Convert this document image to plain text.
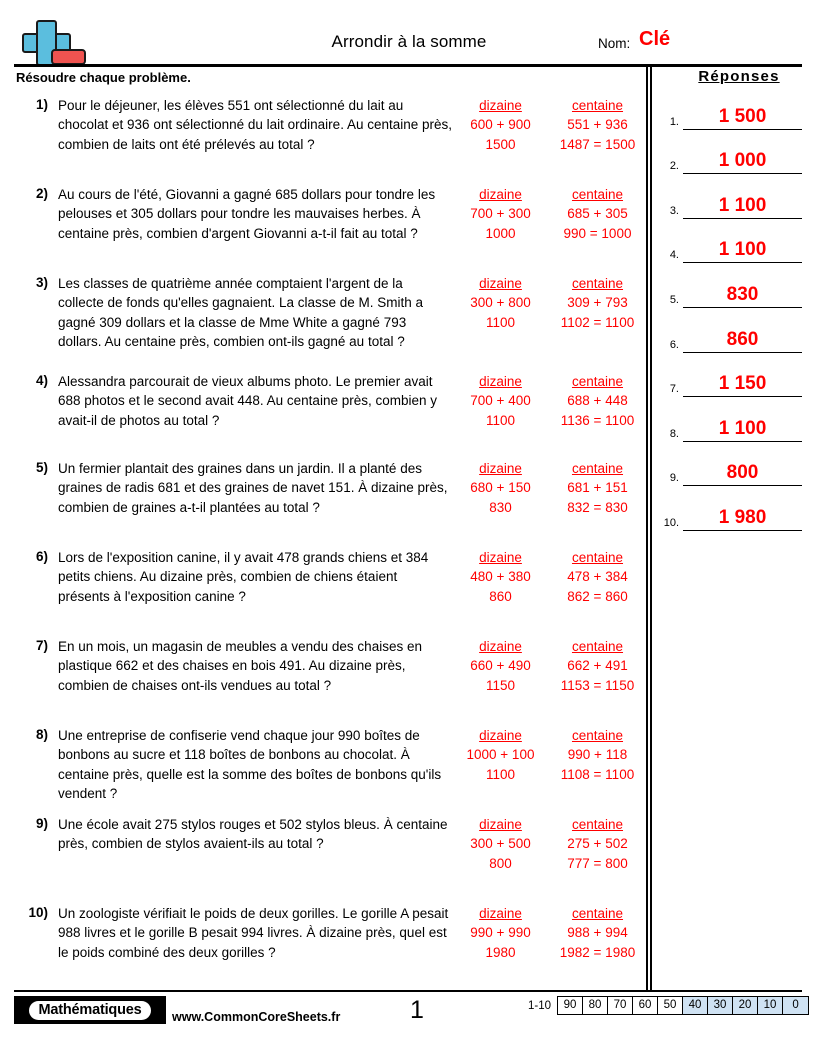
Arrondir à la somme	Nom: Clé
Résoudre chaque problème.
1) Pour le déjeuner, les élèves 551 ont sélectionné du lait au chocolat et 936 ont sélectionné du lait ordinaire. Au centaine près, combien de laits ont été prélevés au total ?
dizaine
600 + 900
1500
centaine
551 + 936
1487 = 1500
2) Au cours de l'été, Giovanni a gagné 685 dollars pour tondre les pelouses et 305 dollars pour tondre les mauvaises herbes. À centaine près, combien d'argent Giovanni a-t-il fait au total ?
dizaine
700 + 300
1000
centaine
685 + 305
990 = 1000
3) Les classes de quatrième année comptaient l'argent de la collecte de fonds qu'elles gagnaient. La classe de M. Smith a gagné 309 dollars et la classe de Mme White a gagné 793 dollars. Au centaine près, combien ont-ils gagné au total ?
dizaine
300 + 800
1100
centaine
309 + 793
1102 = 1100
4) Alessandra parcourait de vieux albums photo. Le premier avait 688 photos et le second avait 448. Au centaine près, combien y avait-il de photos au total ?
dizaine
700 + 400
1100
centaine
688 + 448
1136 = 1100
5) Un fermier plantait des graines dans un jardin. Il a planté des graines de radis 681 et des graines de navet 151. À dizaine près, combien de graines a-t-il plantées au total ?
dizaine
680 + 150
830
centaine
681 + 151
832 = 830
6) Lors de l'exposition canine, il y avait 478 grands chiens et 384 petits chiens. Au dizaine près, combien de chiens étaient présents à l'exposition canine ?
dizaine
480 + 380
860
centaine
478 + 384
862 = 860
7) En un mois, un magasin de meubles a vendu des chaises en plastique 662 et des chaises en bois 491. Au dizaine près, combien de chaises ont-ils vendues au total ?
dizaine
660 + 490
1150
centaine
662 + 491
1153 = 1150
8) Une entreprise de confiserie vend chaque jour 990 boîtes de bonbons au sucre et 118 boîtes de bonbons au chocolat. À centaine près, quelle est la somme des boîtes de bonbons qu'ils vendent ?
dizaine
1000 + 100
1100
centaine
990 + 118
1108 = 1100
9) Une école avait 275 stylos rouges et 502 stylos bleus. À centaine près, combien de stylos avaient-ils au total ?
dizaine
300 + 500
800
centaine
275 + 502
777 = 800
10) Un zoologiste vérifiait le poids de deux gorilles. Le gorille A pesait 988 livres et le gorille B pesait 994 livres. À dizaine près, quel est le poids combiné des deux gorilles ?
dizaine
990 + 990
1980
centaine
988 + 994
1982 = 1980
Réponses
1.	1 500
2.	1 000
3.	1 100
4.	1 100
5.	830
6.	860
7.	1 150
8.	1 100
9.	800
10.	1 980
Mathématiques	www.CommonCoreSheets.fr	1	1-10	90	80	70	60	50	40	30	20	10	0
